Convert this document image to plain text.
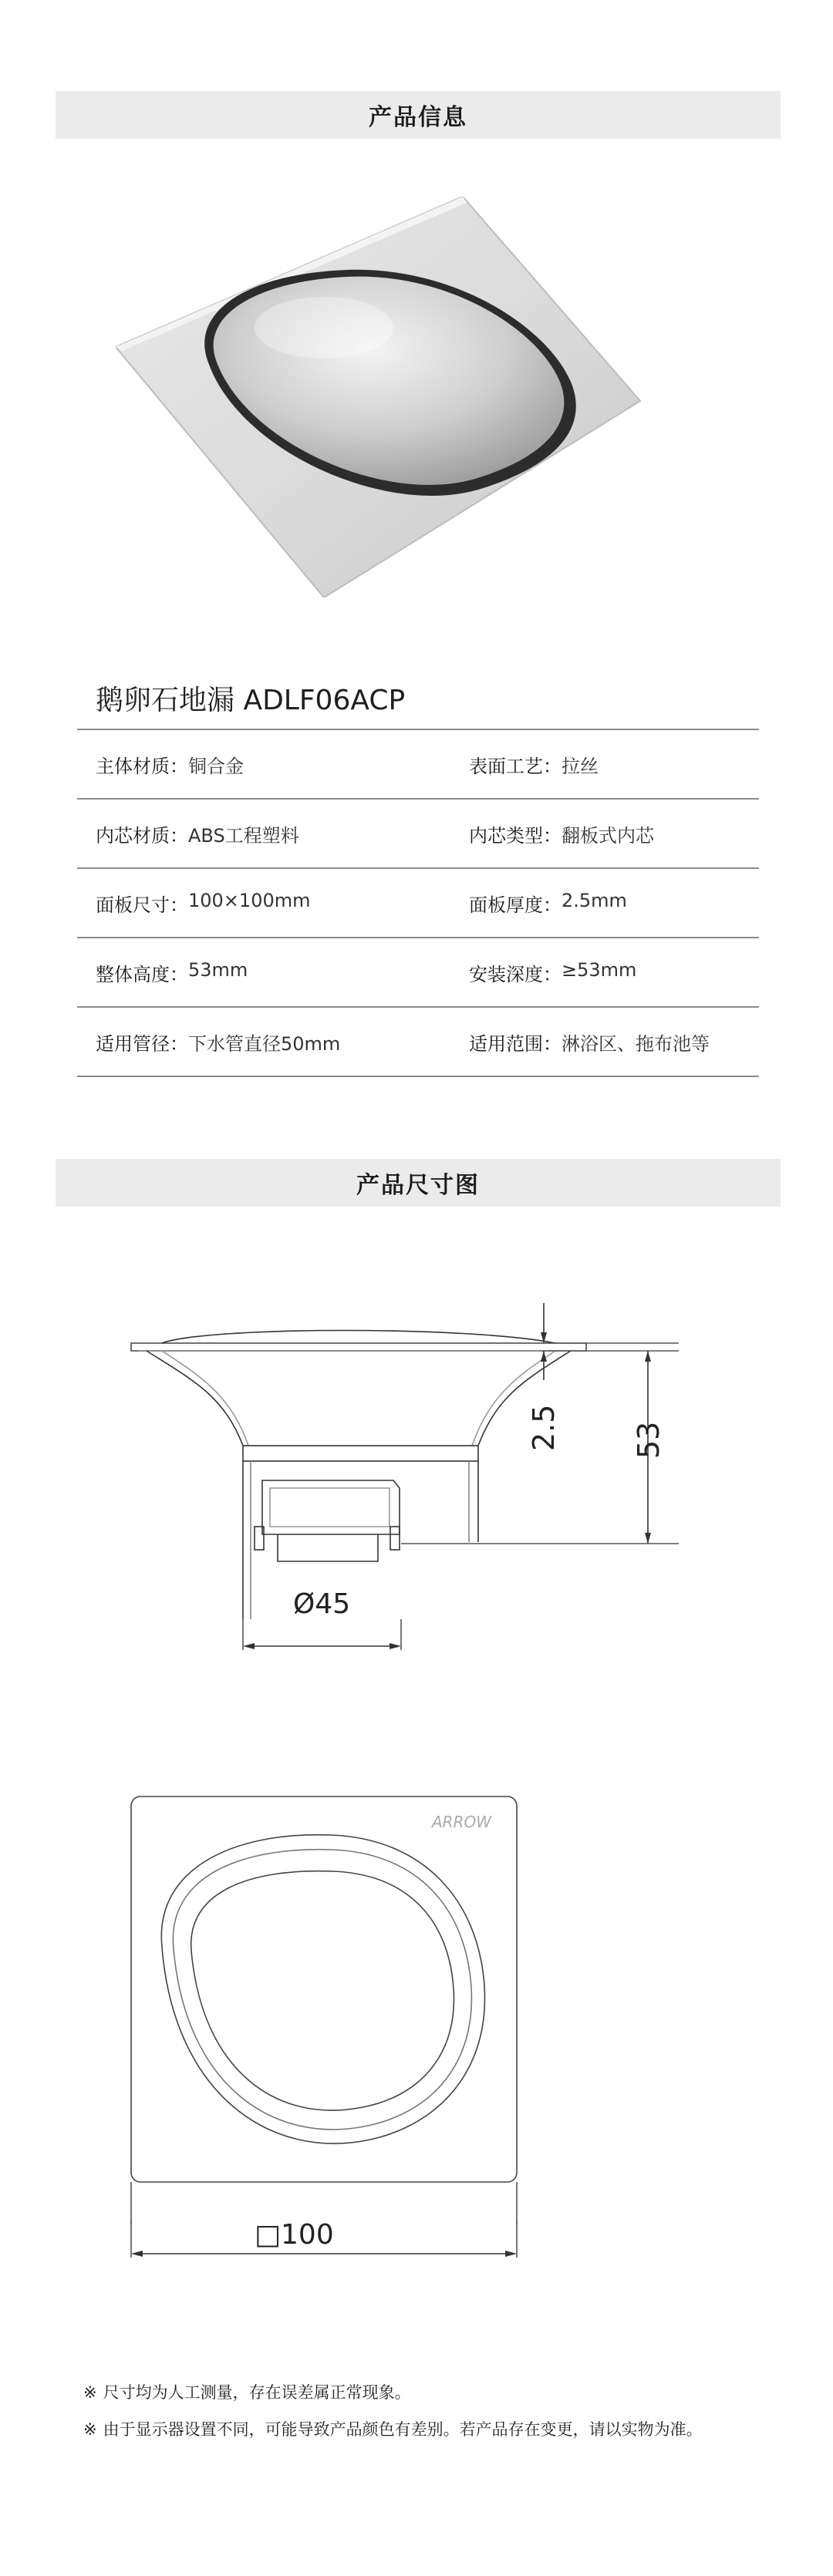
产品信息
鹅卵石地漏 ADLF06ACP
主体材质： 铜合金	表面工艺： 拉丝
内芯材质： ABS工程塑料	内芯类型： 翻板式内芯
面板尺寸： 100×100mm	面板厚度： 2.5mm
整体高度： 53mm	安装深度： ≥53mm
适用管径： 下水管直径50mm	适用范围： 淋浴区、拖布池等
产品尺寸图
2.5 53
Ø45
ARROW
□100
※ 尺寸均为人工测量，存在误差属正常现象。
※ 由于显示器设置不同，可能导致产品颜色有差别。若产品存在变更，请以实物为准。
